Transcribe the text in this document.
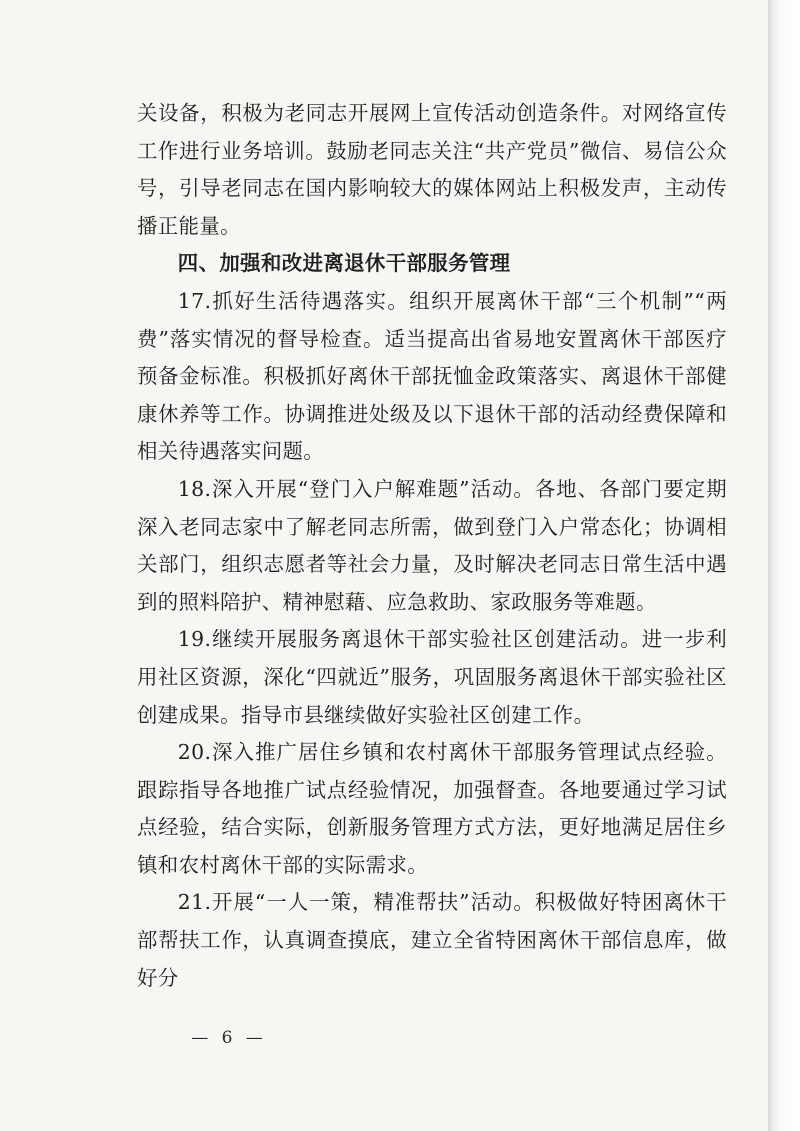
关设备，积极为老同志开展网上宣传活动创造条件。对网络宣传工作进行业务培训。鼓励老同志关注“共产党员”微信、易信公众号，引导老同志在国内影响较大的媒体网站上积极发声，主动传播正能量。

四、加强和改进离退休干部服务管理

17.抓好生活待遇落实。组织开展离休干部“三个机制”“两费”落实情况的督导检查。适当提高出省易地安置离休干部医疗预备金标准。积极抓好离休干部抚恤金政策落实、离退休干部健康休养等工作。协调推进处级及以下退休干部的活动经费保障和相关待遇落实问题。

18.深入开展“登门入户解难题”活动。各地、各部门要定期深入老同志家中了解老同志所需，做到登门入户常态化；协调相关部门，组织志愿者等社会力量，及时解决老同志日常生活中遇到的照料陪护、精神慰藉、应急救助、家政服务等难题。

19.继续开展服务离退休干部实验社区创建活动。进一步利用社区资源，深化“四就近”服务，巩固服务离退休干部实验社区创建成果。指导市县继续做好实验社区创建工作。

20.深入推广居住乡镇和农村离休干部服务管理试点经验。跟踪指导各地推广试点经验情况，加强督查。各地要通过学习试点经验，结合实际，创新服务管理方式方法，更好地满足居住乡镇和农村离休干部的实际需求。

21.开展“一人一策，精准帮扶”活动。积极做好特困离休干部帮扶工作，认真调查摸底，建立全省特困离休干部信息库，做好分

— 6 —
